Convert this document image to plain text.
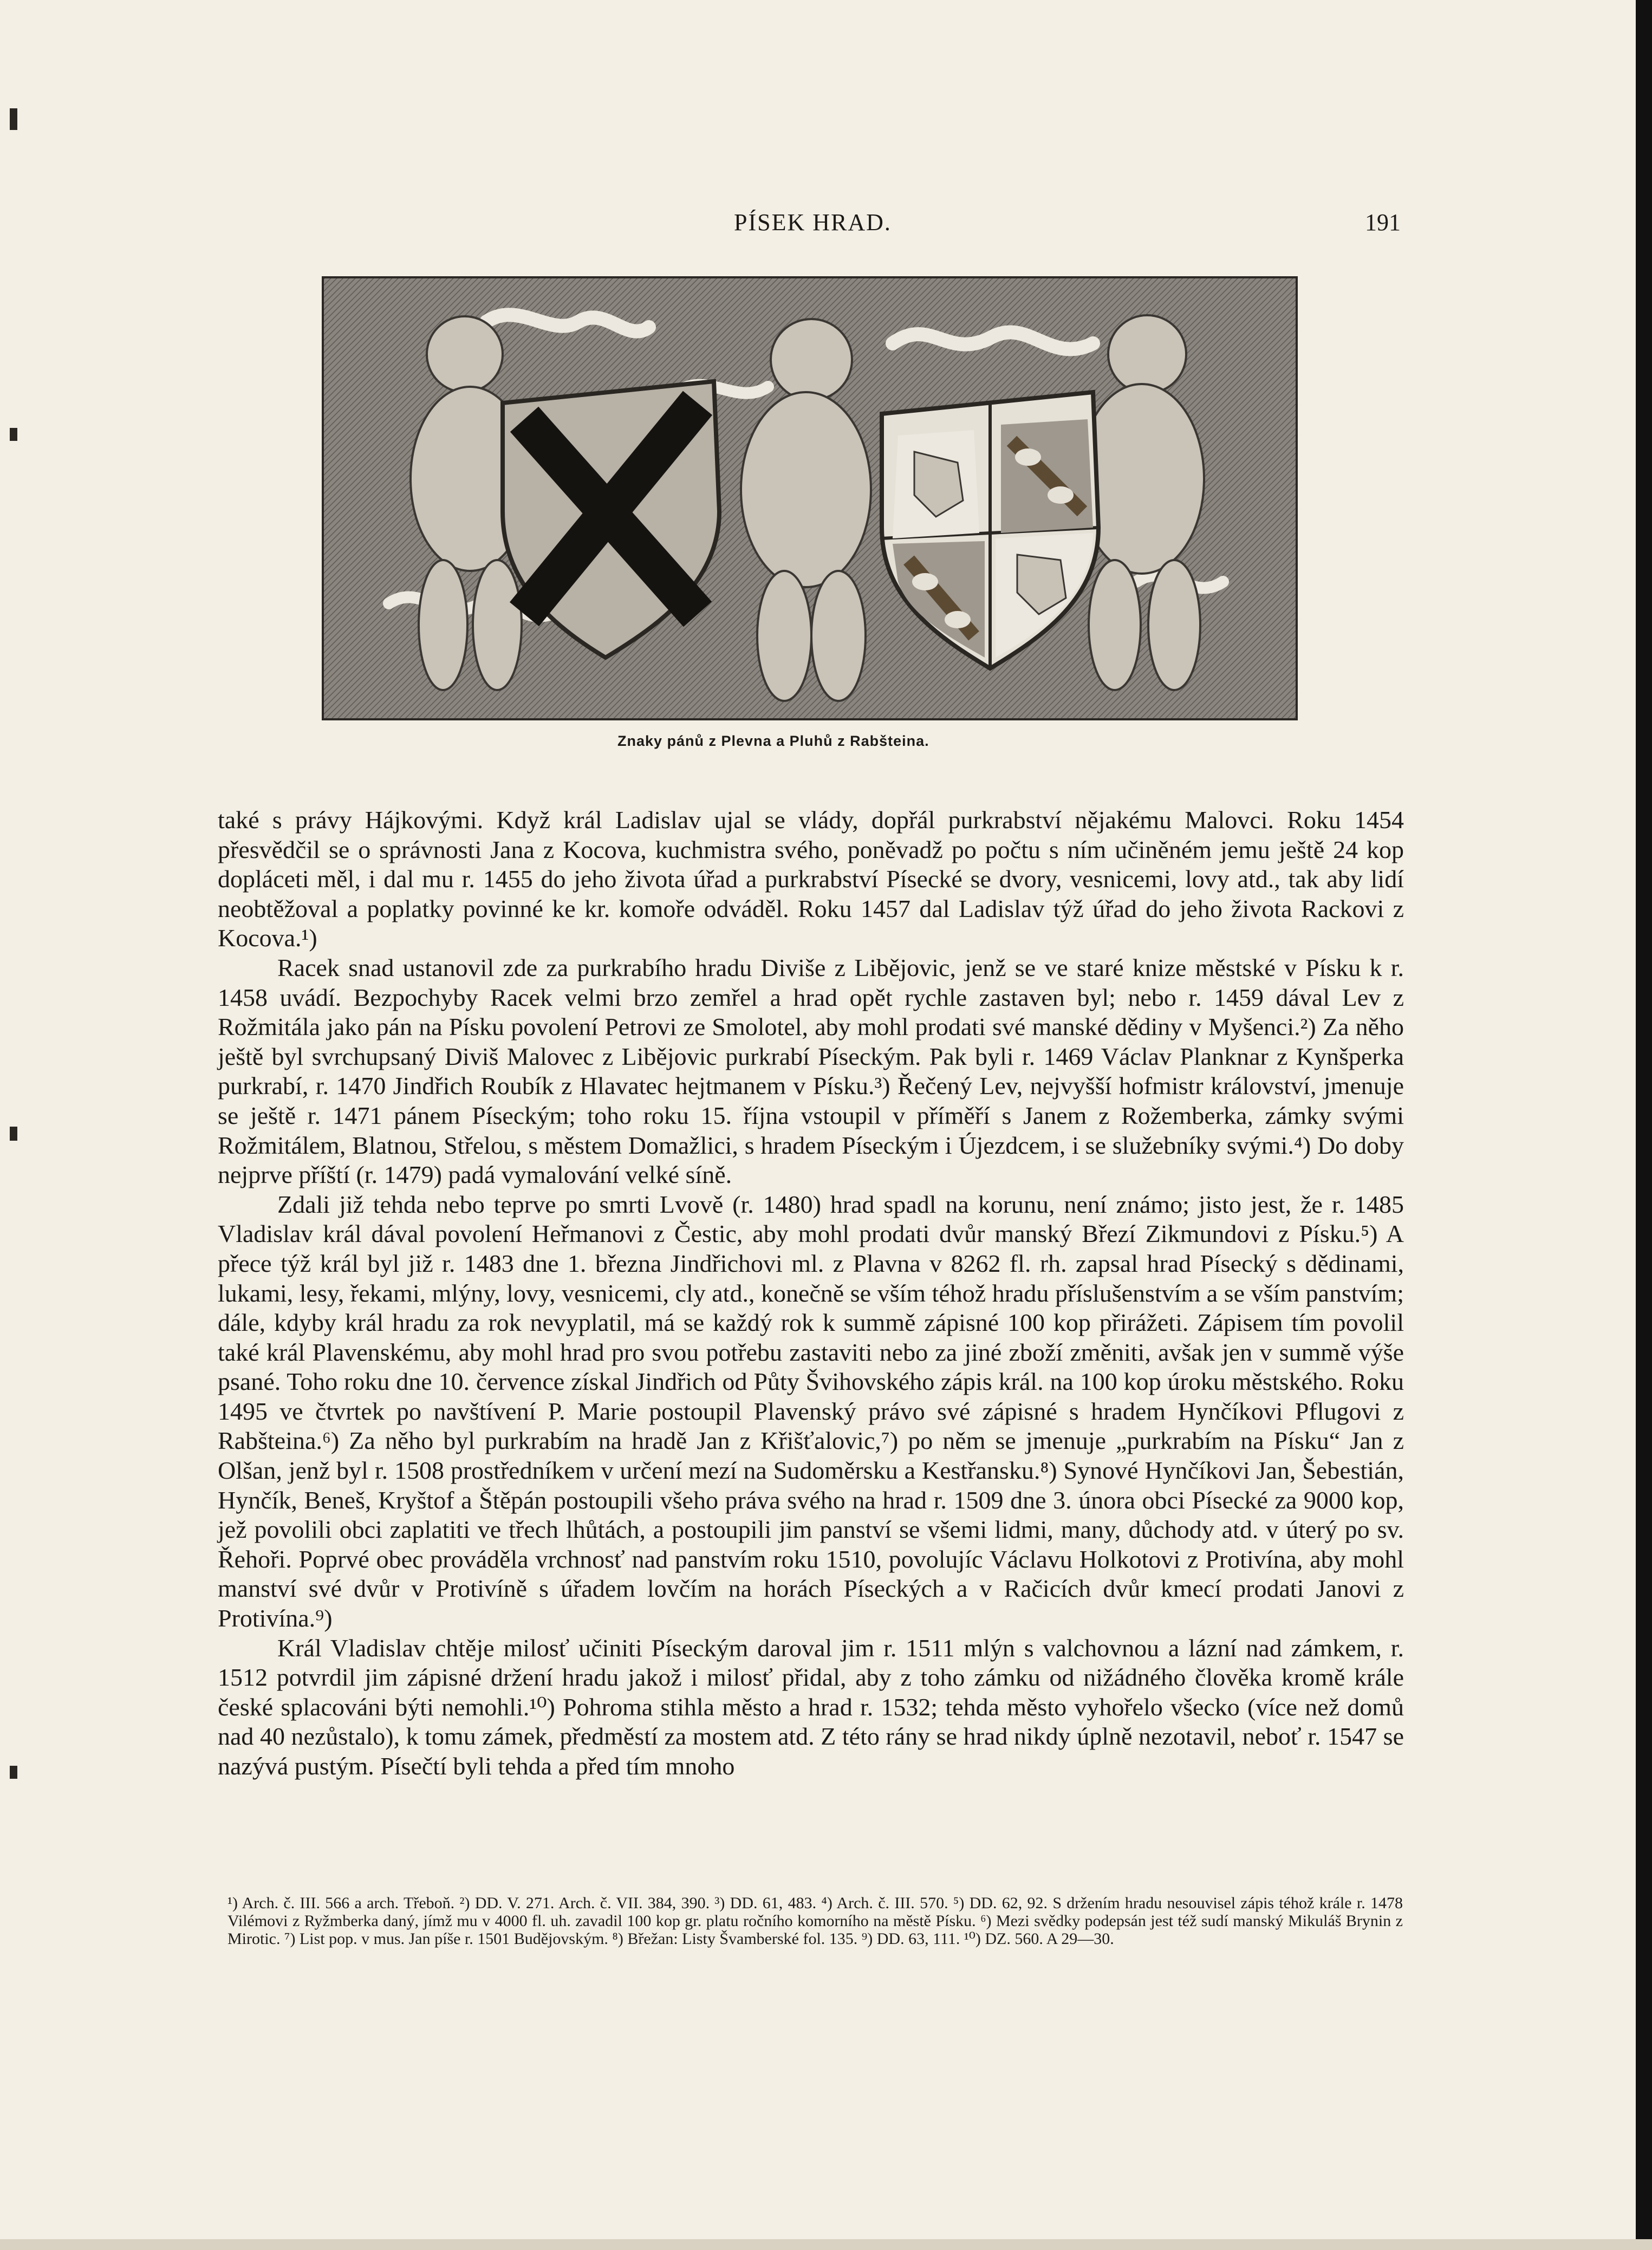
PÍSEK HRAD.	191
Znaky pánů z Plevna a Pluhů z Rabšteina.

také s právy Hájkovými. Když král Ladislav ujal se vlády, dopřál purkrabství nějakému Malovci. Roku 1454 přesvědčil se o správnosti Jana z Kocova, kuchmistra svého, poněvadž po počtu s ním učiněném jemu ještě 24 kop dopláceti měl, i dal mu r. 1455 do jeho života úřad a purkrabství Písecké se dvory, vesnicemi, lovy atd., tak aby lidí neobtěžoval a poplatky povinné ke kr. komoře odváděl. Roku 1457 dal Ladislav týž úřad do jeho života Rackovi z Kocova.¹)

Racek snad ustanovil zde za purkrabího hradu Diviše z Libějovic, jenž se ve staré knize městské v Písku k r. 1458 uvádí. Bezpochyby Racek velmi brzo zemřel a hrad opět rychle zastaven byl; nebo r. 1459 dával Lev z Rožmitála jako pán na Písku povolení Petrovi ze Smolotel, aby mohl prodati své manské dědiny v Myšenci.²) Za něho ještě byl svrchupsaný Diviš Malovec z Libějovic purkrabí Píseckým. Pak byli r. 1469 Václav Planknar z Kynšperka purkrabí, r. 1470 Jindřich Roubík z Hlavatec hejtmanem v Písku.³) Řečený Lev, nejvyšší hofmistr království, jmenuje se ještě r. 1471 pánem Píseckým; toho roku 15. října vstoupil v příměří s Janem z Rožemberka, zámky svými Rožmitálem, Blatnou, Střelou, s městem Domažlici, s hradem Píseckým i Újezdcem, i se služebníky svými.⁴) Do doby nejprve příští (r. 1479) padá vymalování velké síně.

Zdali již tehda nebo teprve po smrti Lvově (r. 1480) hrad spadl na korunu, není známo; jisto jest, že r. 1485 Vladislav král dával povolení Heřmanovi z Čestic, aby mohl prodati dvůr manský Březí Zikmundovi z Písku.⁵) A přece týž král byl již r. 1483 dne 1. března Jindřichovi ml. z Plavna v 8262 fl. rh. zapsal hrad Písecký s dědinami, lukami, lesy, řekami, mlýny, lovy, vesnicemi, cly atd., konečně se vším téhož hradu příslušenstvím a se vším panstvím; dále, kdyby král hradu za rok nevyplatil, má se každý rok k summě zápisné 100 kop přirážeti. Zápisem tím povolil také král Plavenskému, aby mohl hrad pro svou potřebu zastaviti nebo za jiné zboží změniti, avšak jen v summě výše psané. Toho roku dne 10. července získal Jindřich od Půty Švihovského zápis král. na 100 kop úroku městského. Roku 1495 ve čtvrtek po navštívení P. Marie postoupil Plavenský právo své zápisné s hradem Hynčíkovi Pflugovi z Rabšteina.⁶) Za něho byl purkrabím na hradě Jan z Křišťalovic,⁷) po něm se jmenuje „purkrabím na Písku“ Jan z Olšan, jenž byl r. 1508 prostředníkem v určení mezí na Sudoměrsku a Kestřansku.⁸) Synové Hynčíkovi Jan, Šebestián, Hynčík, Beneš, Kryštof a Štěpán postoupili všeho práva svého na hrad r. 1509 dne 3. února obci Písecké za 9000 kop, jež povolili obci zaplatiti ve třech lhůtách, a postoupili jim panství se všemi lidmi, many, důchody atd. v úterý po sv. Řehoři. Poprvé obec prováděla vrchnosť nad panstvím roku 1510, povolujíc Václavu Holkotovi z Protivína, aby mohl manství své dvůr v Protivíně s úřadem lovčím na horách Píseckých a v Račicích dvůr kmecí prodati Janovi z Protivína.⁹)

Král Vladislav chtěje milosť učiniti Píseckým daroval jim r. 1511 mlýn s valchovnou a lázní nad zámkem, r. 1512 potvrdil jim zápisné držení hradu jakož i milosť přidal, aby z toho zámku od nižádného člověka kromě krále české splacováni býti nemohli.¹⁰) Pohroma stihla město a hrad r. 1532; tehda město vyhořelo všecko (více než domů nad 40 nezůstalo), k tomu zámek, předměstí za mostem atd. Z této rány se hrad nikdy úplně nezotavil, neboť r. 1547 se nazývá pustým. Písečtí byli tehda a před tím mnoho

¹) Arch. č. III. 566 a arch. Třeboň. ²) DD. V. 271. Arch. č. VII. 384, 390. ³) DD. 61, 483. ⁴) Arch. č. III. 570. ⁵) DD. 62, 92. S držením hradu nesouvisel zápis téhož krále r. 1478 Vilémovi z Ryžmberka daný, jímž mu v 4000 fl. uh. zavadil 100 kop gr. platu ročního komorního na městě Písku. ⁶) Mezi svědky podepsán jest též sudí manský Mikuláš Brynin z Mirotic. ⁷) List pop. v mus. Jan píše r. 1501 Budějovským. ⁸) Břežan: Listy Švamberské fol. 135. ⁹) DD. 63, 111. ¹⁰) DZ. 560. A 29—30.
